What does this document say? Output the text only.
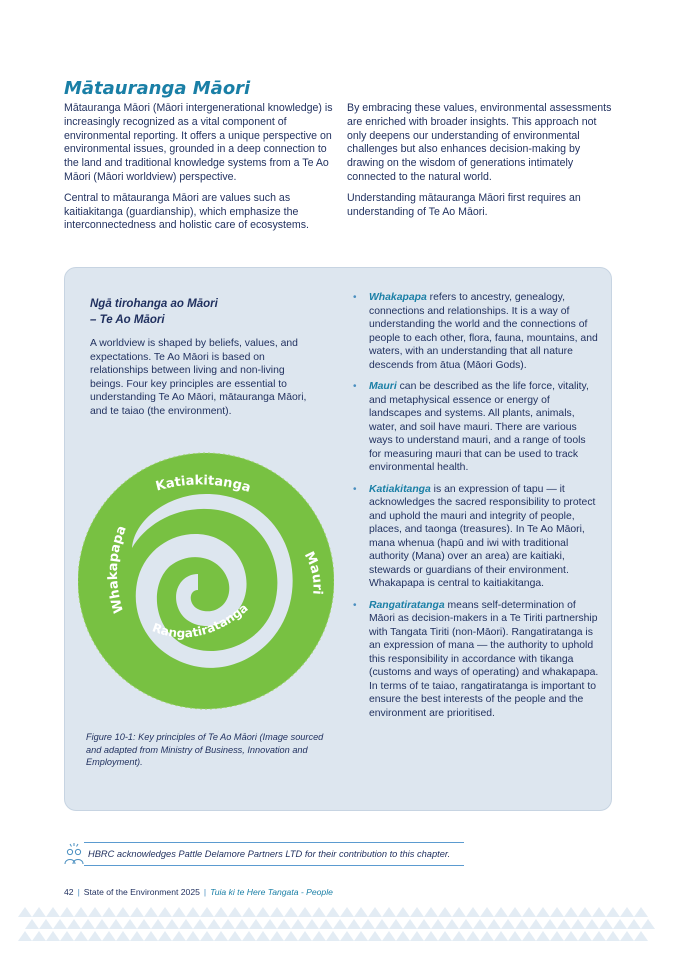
Mātauranga Māori

Mātauranga Māori (Māori intergenerational knowledge) is increasingly recognized as a vital component of environmental reporting. It offers a unique perspective on environmental issues, grounded in a deep connection to the land and traditional knowledge systems from a Te Ao Māori (Māori worldview) perspective.

Central to mātauranga Māori are values such as kaitiakitanga (guardianship), which emphasize the interconnectedness and holistic care of ecosystems.

By embracing these values, environmental assessments are enriched with broader insights. This approach not only deepens our understanding of environmental challenges but also enhances decision-making by drawing on the wisdom of generations intimately connected to the natural world.

Understanding mātauranga Māori first requires an understanding of Te Ao Māori.

Ngā tirohanga ao Māori
– Te Ao Māori

A worldview is shaped by beliefs, values, and expectations. Te Ao Māori is based on relationships between living and non-living beings. Four key principles are essential to understanding Te Ao Māori, mātauranga Māori, and te taiao (the environment).

Katiakitanga
Whakapapa
Mauri
Rangatiratanga

Figure 10-1: Key principles of Te Ao Māori (Image sourced and adapted from Ministry of Business, Innovation and Employment).

• Whakapapa refers to ancestry, genealogy, connections and relationships. It is a way of understanding the world and the connections of people to each other, flora, fauna, mountains, and waters, with an understanding that all nature descends from ātua (Māori Gods).
• Mauri can be described as the life force, vitality, and metaphysical essence or energy of landscapes and systems. All plants, animals, water, and soil have mauri. There are various ways to understand mauri, and a range of tools for measuring mauri that can be used to track environmental health.
• Katiakitanga is an expression of tapu — it acknowledges the sacred responsibility to protect and uphold the mauri and integrity of people, places, and taonga (treasures). In Te Ao Māori, mana whenua (hapū and iwi with traditional authority (Mana) over an area) are kaitiaki, stewards or guardians of their environment. Whakapapa is central to kaitiakitanga.
• Rangatiratanga means self-determination of Māori as decision-makers in a Te Tiriti partnership with Tangata Tiriti (non-Māori). Rangatiratanga is an expression of mana — the authority to uphold this responsibility in accordance with tikanga (customs and ways of operating) and whakapapa. In terms of te taiao, rangatiratanga is important to ensure the best interests of the people and the environment are prioritised.
HBRC acknowledges Pattle Delamore Partners LTD for their contribution to this chapter.
42 | State of the Environment 2025 | Tuia ki te Here Tangata - People
